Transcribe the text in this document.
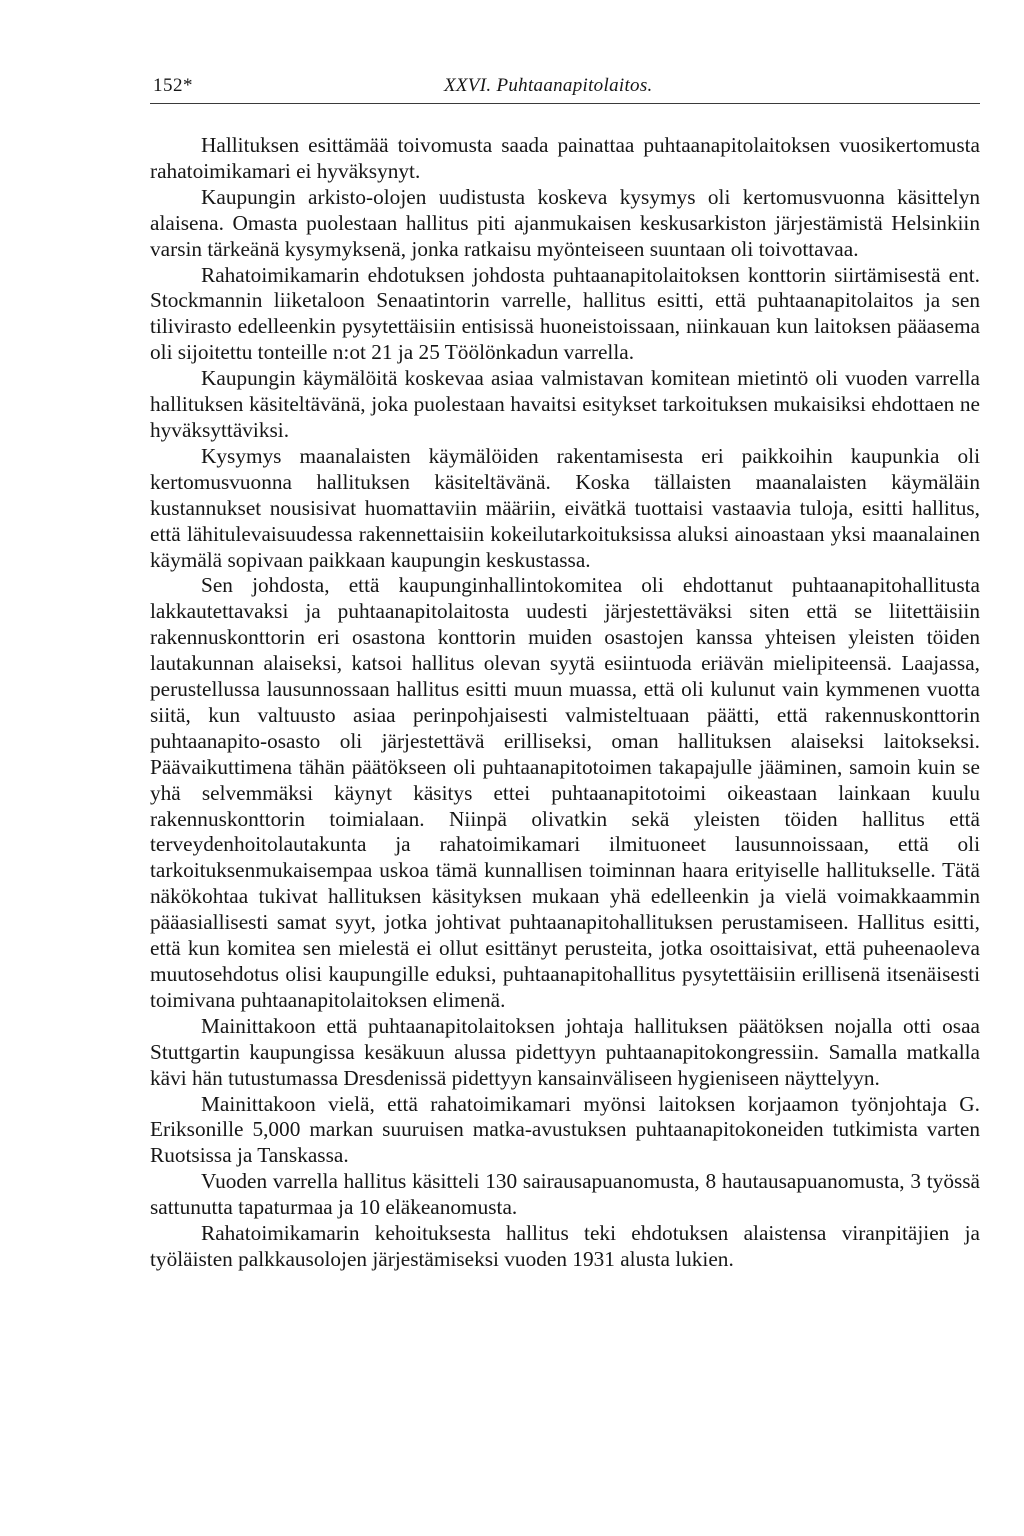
152*	XXVI. Puhtaanapitolaitos.

Hallituksen esittämää toivomusta saada painattaa puhtaanapitolaitoksen vuosikertomusta rahatoimikamari ei hyväksynyt.

Kaupungin arkisto-olojen uudistusta koskeva kysymys oli kertomusvuonna käsittelyn alaisena. Omasta puolestaan hallitus piti ajanmukaisen keskusarkiston järjestämistä Helsinkiin varsin tärkeänä kysymyksenä, jonka ratkaisu myönteiseen suuntaan oli toivottavaa.

Rahatoimikamarin ehdotuksen johdosta puhtaanapitolaitoksen konttorin siirtämisestä ent. Stockmannin liiketaloon Senaatintorin varrelle, hallitus esitti, että puhtaanapitolaitos ja sen tilivirasto edelleenkin pysytettäisiin entisissä huoneistoissaan, niinkauan kun laitoksen pääasema oli sijoitettu tonteille n:ot 21 ja 25 Töölönkadun varrella.

Kaupungin käymälöitä koskevaa asiaa valmistavan komitean mietintö oli vuoden varrella hallituksen käsiteltävänä, joka puolestaan havaitsi esitykset tarkoituksen mukaisiksi ehdottaen ne hyväksyttäviksi.

Kysymys maanalaisten käymälöiden rakentamisesta eri paikkoihin kaupunkia oli kertomusvuonna hallituksen käsiteltävänä. Koska tällaisten maanalaisten käymäläin kustannukset nousisivat huomattaviin määriin, eivätkä tuottaisi vastaavia tuloja, esitti hallitus, että lähitulevaisuudessa rakennettaisiin kokeilutarkoituksissa aluksi ainoastaan yksi maanalainen käymälä sopivaan paikkaan kaupungin keskustassa.

Sen johdosta, että kaupunginhallintokomitea oli ehdottanut puhtaanapitohallitusta lakkautettavaksi ja puhtaanapitolaitosta uudesti järjestettäväksi siten että se liitettäisiin rakennuskonttorin eri osastona konttorin muiden osastojen kanssa yhteisen yleisten töiden lautakunnan alaiseksi, katsoi hallitus olevan syytä esiintuoda eriävän mielipiteensä. Laajassa, perustellussa lausunnossaan hallitus esitti muun muassa, että oli kulunut vain kymmenen vuotta siitä, kun valtuusto asiaa perinpohjaisesti valmisteltuaan päätti, että rakennuskonttorin puhtaanapito-osasto oli järjestettävä erilliseksi, oman hallituksen alaiseksi laitokseksi. Päävaikuttimena tähän päätökseen oli puhtaanapitotoimen takapajulle jääminen, samoin kuin se yhä selvemmäksi käynyt käsitys ettei puhtaanapitotoimi oikeastaan lainkaan kuulu rakennuskonttorin toimialaan. Niinpä olivatkin sekä yleisten töiden hallitus että terveydenhoitolautakunta ja rahatoimikamari ilmituoneet lausunnoissaan, että oli tarkoituksenmukaisempaa uskoa tämä kunnallisen toiminnan haara erityiselle hallitukselle. Tätä näkökohtaa tukivat hallituksen käsityksen mukaan yhä edelleenkin ja vielä voimakkaammin pääasiallisesti samat syyt, jotka johtivat puhtaanapitohallituksen perustamiseen. Hallitus esitti, että kun komitea sen mielestä ei ollut esittänyt perusteita, jotka osoittaisivat, että puheenaoleva muutosehdotus olisi kaupungille eduksi, puhtaanapitohallitus pysytettäisiin erillisenä itsenäisesti toimivana puhtaanapitolaitoksen elimenä.

Mainittakoon että puhtaanapitolaitoksen johtaja hallituksen päätöksen nojalla otti osaa Stuttgartin kaupungissa kesäkuun alussa pidettyyn puhtaanapitokongressiin. Samalla matkalla kävi hän tutustumassa Dresdenissä pidettyyn kansainväliseen hygieniseen näyttelyyn.

Mainittakoon vielä, että rahatoimikamari myönsi laitoksen korjaamon työnjohtaja G. Eriksonille 5,000 markan suuruisen matka-avustuksen puhtaanapitokoneiden tutkimista varten Ruotsissa ja Tanskassa.

Vuoden varrella hallitus käsitteli 130 sairausapuanomusta, 8 hautausapuanomusta, 3 työssä sattunutta tapaturmaa ja 10 eläkeanomusta.

Rahatoimikamarin kehoituksesta hallitus teki ehdotuksen alaistensa viranpitäjien ja työläisten palkkausolojen järjestämiseksi vuoden 1931 alusta lukien.
